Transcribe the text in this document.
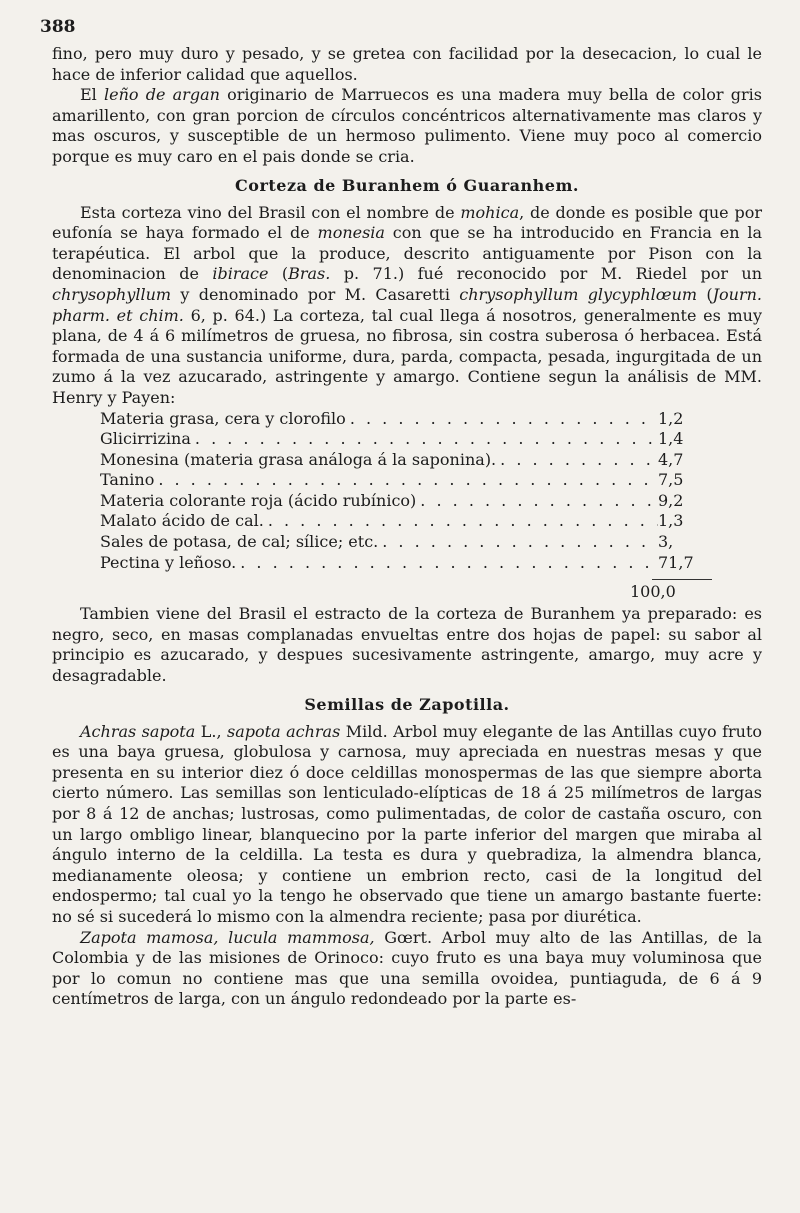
388

fino, pero muy duro y pesado, y se gretea con facilidad por la desecacion, lo cual le hace de inferior calidad que aquellos.

El leño de argan originario de Marruecos es una madera muy bella de color gris amarillento, con gran porcion de círculos concéntricos alternativamente mas claros y mas oscuros, y susceptible de un hermoso pulimento. Viene muy poco al comercio porque es muy caro en el pais donde se cria.

Corteza de Buranhem ó Guaranhem.

Esta corteza vino del Brasil con el nombre de mohica, de donde es posible que por eufonía se haya formado el de monesia con que se ha introducido en Francia en la terapéutica. El arbol que la produce, descrito antiguamente por Pison con la denominacion de ibirace (Bras. p. 71.) fué reconocido por M. Riedel por un chrysophyllum y denominado por M. Casaretti chrysophyllum glycyphlœum (Journ. pharm. et chim. 6, p. 64.) La corteza, tal cual llega á nosotros, generalmente es muy plana, de 4 á 6 milímetros de gruesa, no fibrosa, sin costra suberosa ó herbacea. Está formada de una sustancia uniforme, dura, parda, compacta, pesada, ingurgitada de un zumo á la vez azucarado, astringente y amargo. Contiene segun la análisis de MM. Henry y Payen:

Materia grasa, cera y clorofilo . . .	1,2
Glicirrizina . . .	1,4
Monesina (materia grasa análoga á la saponina). . . .	4,7
Tanino . . .	7,5
Materia colorante roja (ácido rubínico) . . .	9,2
Malato ácido de cal. . . .	1,3
Sales de potasa, de cal; sílice; etc. . . .	3,
Pectina y leñoso. . . .	71,7
100,0

Tambien viene del Brasil el estracto de la corteza de Buranhem ya preparado: es negro, seco, en masas complanadas envueltas entre dos hojas de papel: su sabor al principio es azucarado, y despues sucesivamente astringente, amargo, muy acre y desagradable.

Semillas de Zapotilla.

Achras sapota L., sapota achras Mild. Arbol muy elegante de las Antillas cuyo fruto es una baya gruesa, globulosa y carnosa, muy apreciada en nuestras mesas y que presenta en su interior diez ó doce celdillas monospermas de las que siempre aborta cierto número. Las semillas son lenticulado-elípticas de 18 á 25 milímetros de largas por 8 á 12 de anchas; lustrosas, como pulimentadas, de color de castaña oscuro, con un largo ombligo linear, blanquecino por la parte inferior del margen que miraba al ángulo interno de la celdilla. La testa es dura y quebradiza, la almendra blanca, medianamente oleosa; y contiene un embrion recto, casi de la longitud del endospermo; tal cual yo la tengo he observado que tiene un amargo bastante fuerte: no sé si sucederá lo mismo con la almendra reciente; pasa por diurética.

Zapota mamosa, lucula mammosa, Gœrt. Arbol muy alto de las Antillas, de la Colombia y de las misiones de Orinoco: cuyo fruto es una baya muy voluminosa que por lo comun no contiene mas que una semilla ovoidea, puntiaguda, de 6 á 9 centímetros de larga, con un ángulo redondeado por la parte es-
